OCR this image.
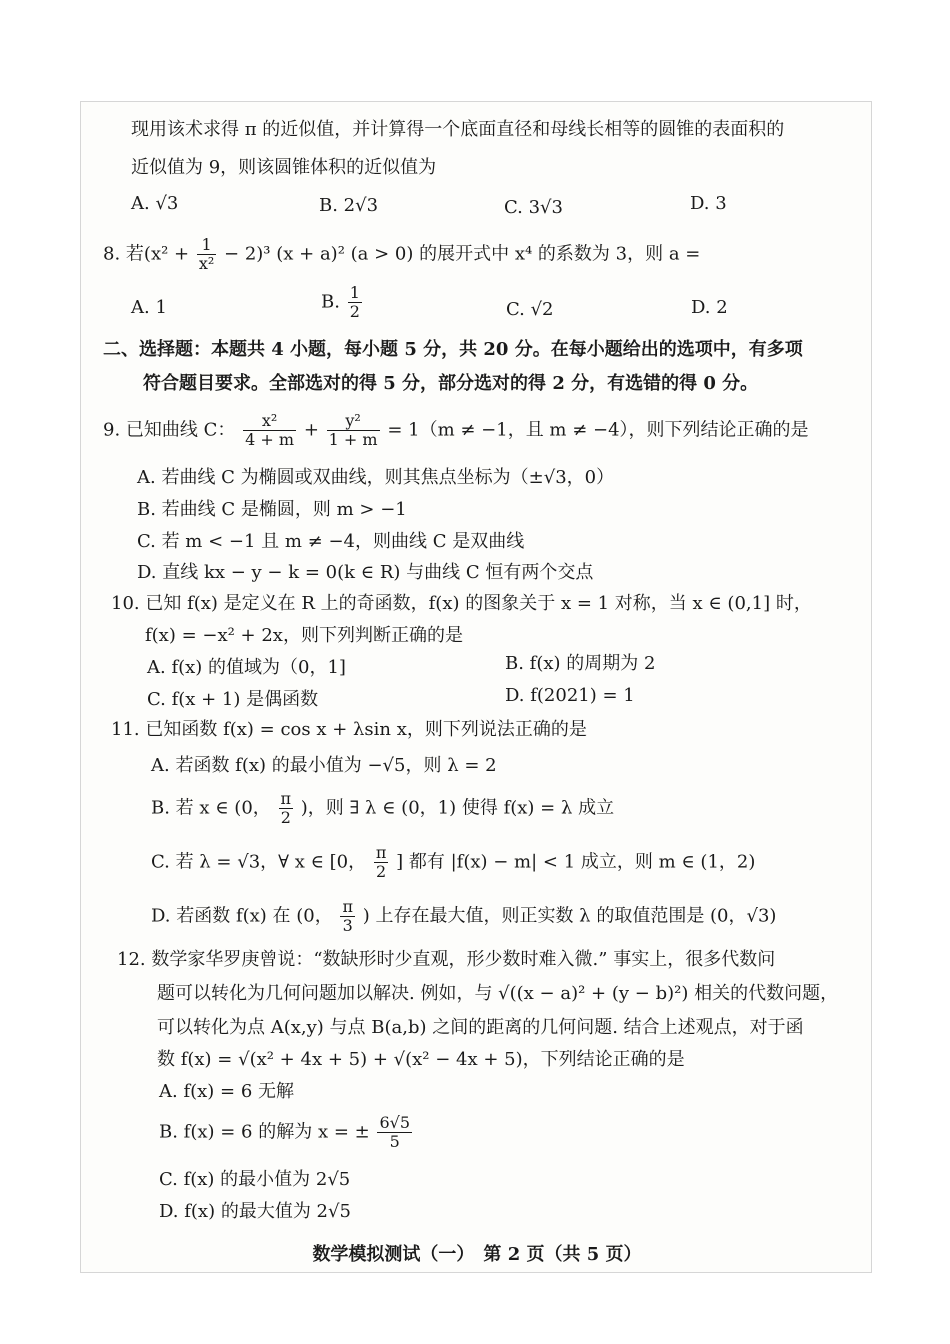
现用该术求得 π 的近似值，并计算得一个底面直径和母线长相等的圆锥的表面积的
近似值为 9，则该圆锥体积的近似值为
A. √3	B. 2√3	C. 3√3	D. 3
8. 若$(x^2 + \frac{1}{\text{x²}} - 2)^3$ (x + a)² (a > 0) 的展开式中 x⁴ 的系数为 3，则 a =
A. 1	B. $\frac{1}{2}$	C. √2	D. 2
二、选择题：本题共 4 小题，每小题 5 分，共 20 分。在每小题给出的选项中，有多项
符合题目要求。全部选对的得 5 分，部分选对的得 2 分，有选错的得 0 分。
9. 已知曲线 C： $\frac{\text{x²}}{4 + m} + \frac{\text{y²}}{1 + m} = 1(m \ne -1$，且 m ≠ −4），则下列结论正确的是
A. 若曲线 C 为椭圆或双曲线，则其焦点坐标为（±√3，0）
B. 若曲线 C 是椭圆，则 m > −1
C. 若 m < −1 且 m ≠ −4，则曲线 C 是双曲线
D. 直线 kx − y − k = 0(k ∈ R) 与曲线 C 恒有两个交点
10. 已知 f(x) 是定义在 R 上的奇函数，f(x) 的图象关于 x = 1 对称，当 x ∈ (0,1] 时，
f(x) = −x² + 2x，则下列判断正确的是
A. f(x) 的值域为（0，1]	B. f(x) 的周期为 2
C. f(x + 1) 是偶函数	D. f(2021) = 1
11. 已知函数 f(x) = cos x + λsin x，则下列说法正确的是
A. 若函数 f(x) 的最小值为 −√5，则 λ = 2
B. 若 x ∈ (0， $\frac{\pi}{2}$ )，则 ∃ λ ∈ (0，1) 使得 f(x) = λ 成立
C. 若 λ = √3，∀ x ∈ [0， $\frac{\pi}{2}$ ] 都有 |f(x) − m| < 1 成立，则 m ∈ (1，2)
D. 若函数 f(x) 在 (0， $\frac{\pi}{3}$ ) 上存在最大值，则正实数 λ 的取值范围是 (0，√3)
12. 数学家华罗庚曾说：“数缺形时少直观，形少数时难入微.” 事实上，很多代数问
题可以转化为几何问题加以解决. 例如，与 √((x − a)² + (y − b)²) 相关的代数问题，
可以转化为点 A(x,y) 与点 B(a,b) 之间的距离的几何问题. 结合上述观点，对于函
数 f(x) = √(x² + 4x + 5) + √(x² − 4x + 5)，下列结论正确的是
A. f(x) = 6 无解
B. f(x) = 6 的解为 x = ± $\frac{6√5}{5}$
C. f(x) 的最小值为 2√5
D. f(x) 的最大值为 2√5
数学模拟测试（一）　第 2 页（共 5 页）
